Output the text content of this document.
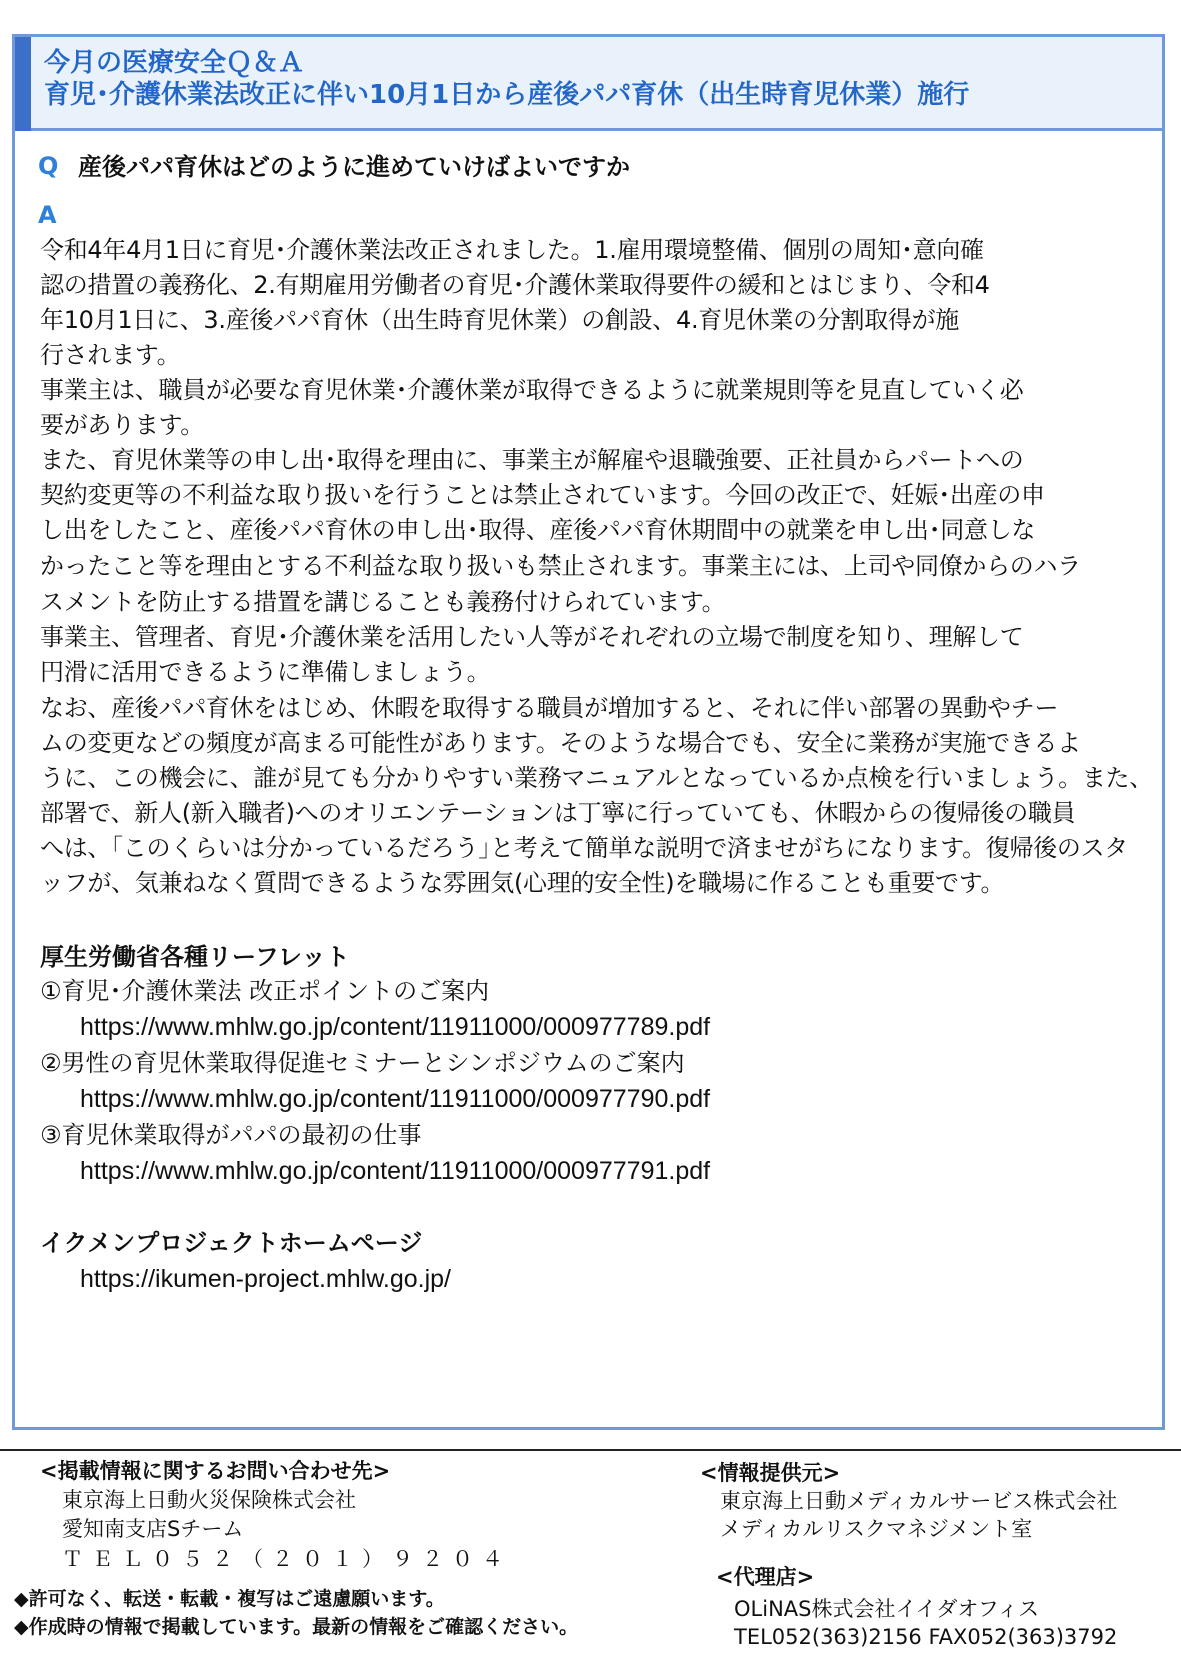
今月の医療安全Ｑ＆Ａ
育児･介護休業法改正に伴い10月1日から産後パパ育休（出生時育児休業）施行
Q 産後パパ育休はどのように進めていけばよいですか
A
令和4年4月1日に育児･介護休業法改正されました。1.雇用環境整備、個別の周知･意向確
認の措置の義務化、2.有期雇用労働者の育児･介護休業取得要件の緩和とはじまり、令和4
年10月1日に、3.産後パパ育休（出生時育児休業）の創設、4.育児休業の分割取得が施
行されます。
事業主は、職員が必要な育児休業･介護休業が取得できるように就業規則等を見直していく必
要があります。
また、育児休業等の申し出･取得を理由に、事業主が解雇や退職強要、正社員からパートへの
契約変更等の不利益な取り扱いを行うことは禁止されています。今回の改正で、妊娠･出産の申
し出をしたこと、産後パパ育休の申し出･取得、産後パパ育休期間中の就業を申し出･同意しな
かったこと等を理由とする不利益な取り扱いも禁止されます。事業主には、上司や同僚からのハラ
スメントを防止する措置を講じることも義務付けられています。
事業主、管理者、育児･介護休業を活用したい人等がそれぞれの立場で制度を知り、理解して
円滑に活用できるように準備しましょう。
なお、産後パパ育休をはじめ、休暇を取得する職員が増加すると、それに伴い部署の異動やチー
ムの変更などの頻度が高まる可能性があります。そのような場合でも、安全に業務が実施できるよ
うに、この機会に、誰が見ても分かりやすい業務マニュアルとなっているか点検を行いましょう。また、
部署で、新人(新入職者)へのオリエンテーションは丁寧に行っていても、休暇からの復帰後の職員
へは、｢このくらいは分かっているだろう｣と考えて簡単な説明で済ませがちになります。復帰後のスタ
ッフが、気兼ねなく質問できるような雰囲気(心理的安全性)を職場に作ることも重要です。
厚生労働省各種リーフレット
①育児･介護休業法 改正ポイントのご案内
https://www.mhlw.go.jp/content/11911000/000977789.pdf
②男性の育児休業取得促進セミナーとシンポジウムのご案内
https://www.mhlw.go.jp/content/11911000/000977790.pdf
③育児休業取得がパパの最初の仕事
https://www.mhlw.go.jp/content/11911000/000977791.pdf
イクメンプロジェクトホームページ
https://ikumen-project.mhlw.go.jp/
<掲載情報に関するお問い合わせ先>
東京海上日動火災保険株式会社
愛知南支店Sチーム
ＴＥＬ０５２（２０１）９２０４
◆許可なく、転送・転載・複写はご遠慮願います。
◆作成時の情報で掲載しています。最新の情報をご確認ください。
<情報提供元>
東京海上日動メディカルサービス株式会社
メディカルリスクマネジメント室
<代理店>
OLiNAS株式会社イイダオフィス
TEL052(363)2156 FAX052(363)3792
